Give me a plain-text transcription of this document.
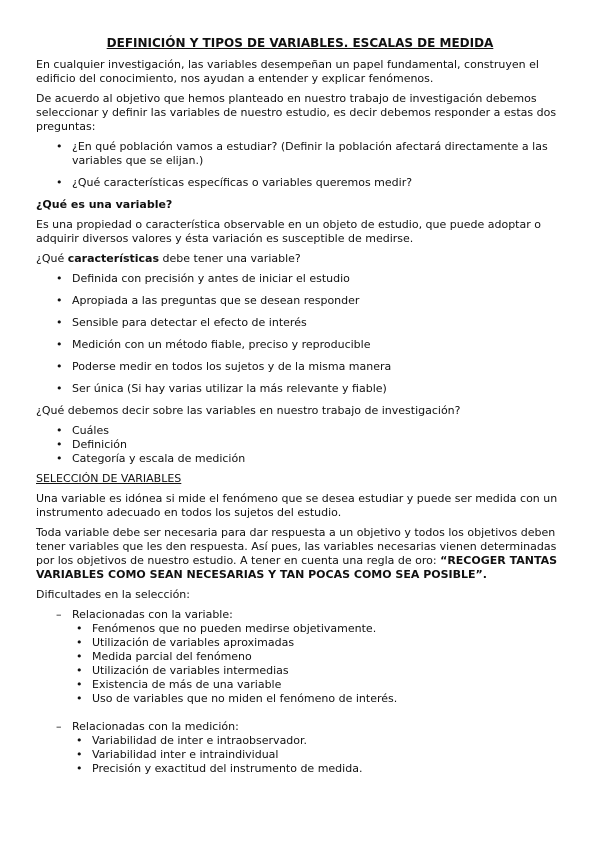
DEFINICIÓN Y TIPOS DE VARIABLES. ESCALAS DE MEDIDA

En cualquier investigación, las variables desempeñan un papel fundamental, construyen el edificio del conocimiento, nos ayudan a entender y explicar fenómenos.

De acuerdo al objetivo que hemos planteado en nuestro trabajo de investigación debemos seleccionar y definir las variables de nuestro estudio, es decir debemos responder a estas dos preguntas:

• ¿En qué población vamos a estudiar? (Definir la población afectará directamente a las variables que se elijan.)
• ¿Qué características específicas o variables queremos medir?

¿Qué es una variable?

Es una propiedad o característica observable en un objeto de estudio, que puede adoptar o adquirir diversos valores y ésta variación es susceptible de medirse.

¿Qué características debe tener una variable?

• Definida con precisión y antes de iniciar el estudio
• Apropiada a las preguntas que se desean responder
• Sensible para detectar el efecto de interés
• Medición con un método fiable, preciso y reproducible
• Poderse medir en todos los sujetos y de la misma manera
• Ser única (Si hay varias utilizar la más relevante y fiable)

¿Qué debemos decir sobre las variables en nuestro trabajo de investigación?

• Cuáles
• Definición
• Categoría y escala de medición

SELECCIÓN DE VARIABLES

Una variable es idónea si mide el fenómeno que se desea estudiar y puede ser medida con un instrumento adecuado en todos los sujetos del estudio.

Toda variable debe ser necesaria para dar respuesta a un objetivo y todos los objetivos deben tener variables que les den respuesta. Así pues, las variables necesarias vienen determinadas por los objetivos de nuestro estudio. A tener en cuenta una regla de oro: “RECOGER TANTAS VARIABLES COMO SEAN NECESARIAS Y TAN POCAS COMO SEA POSIBLE”.

Dificultades en la selección:

– Relacionadas con la variable:
• Fenómenos que no pueden medirse objetivamente.
• Utilización de variables aproximadas
• Medida parcial del fenómeno
• Utilización de variables intermedias
• Existencia de más de una variable
• Uso de variables que no miden el fenómeno de interés.
– Relacionadas con la medición:
• Variabilidad de inter e intraobservador.
• Variabilidad inter e intraindividual
• Precisión y exactitud del instrumento de medida.
